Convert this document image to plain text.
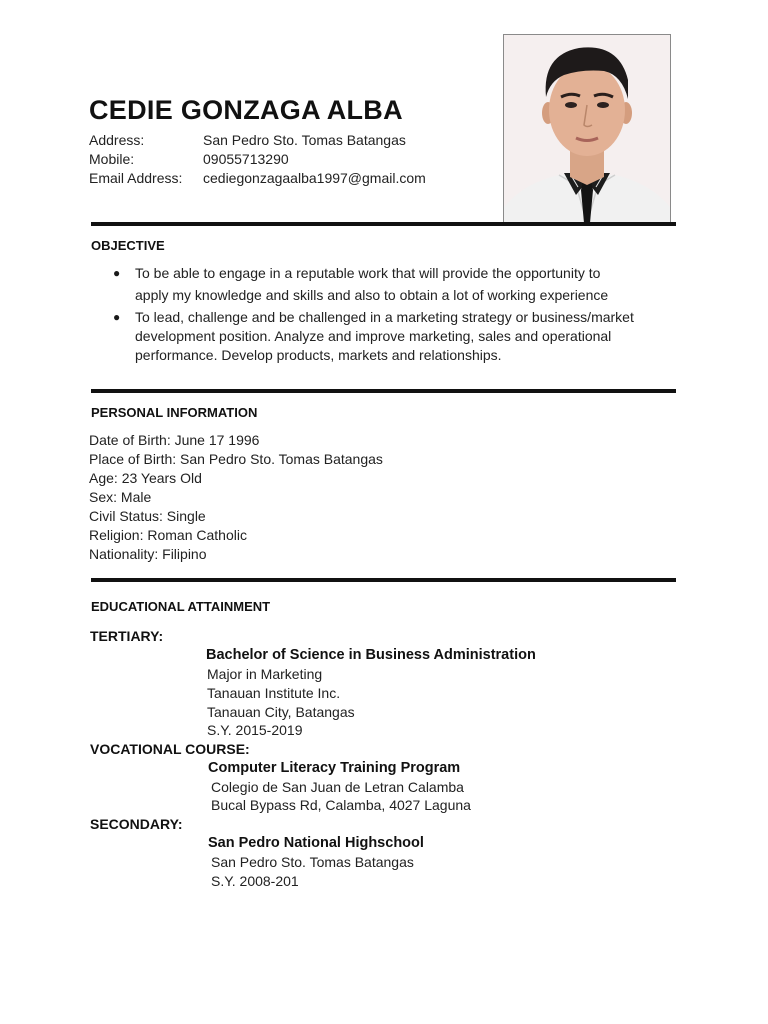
CEDIE GONZAGA ALBA
Address:	San Pedro Sto. Tomas Batangas
Mobile:	09055713290
Email Address: cediegonzagaalba1997@gmail.com
OBJECTIVE
● To be able to engage in a reputable work that will provide the opportunity to
apply my knowledge and skills and also to obtain a lot of working experience
● To lead, challenge and be challenged in a marketing strategy or business/market
development position. Analyze and improve marketing, sales and operational
performance. Develop products, markets and relationships.
PERSONAL INFORMATION
Date of Birth: June 17 1996
Place of Birth: San Pedro Sto. Tomas Batangas
Age: 23 Years Old
Sex: Male
Civil Status: Single
Religion: Roman Catholic
Nationality: Filipino
EDUCATIONAL ATTAINMENT
TERTIARY:
Bachelor of Science in Business Administration
Major in Marketing
Tanauan Institute Inc.
Tanauan City, Batangas
S.Y. 2015-2019
VOCATIONAL COURSE:
Computer Literacy Training Program
Colegio de San Juan de Letran Calamba
Bucal Bypass Rd, Calamba, 4027 Laguna
SECONDARY:
San Pedro National Highschool
San Pedro Sto. Tomas Batangas
S.Y. 2008-201
